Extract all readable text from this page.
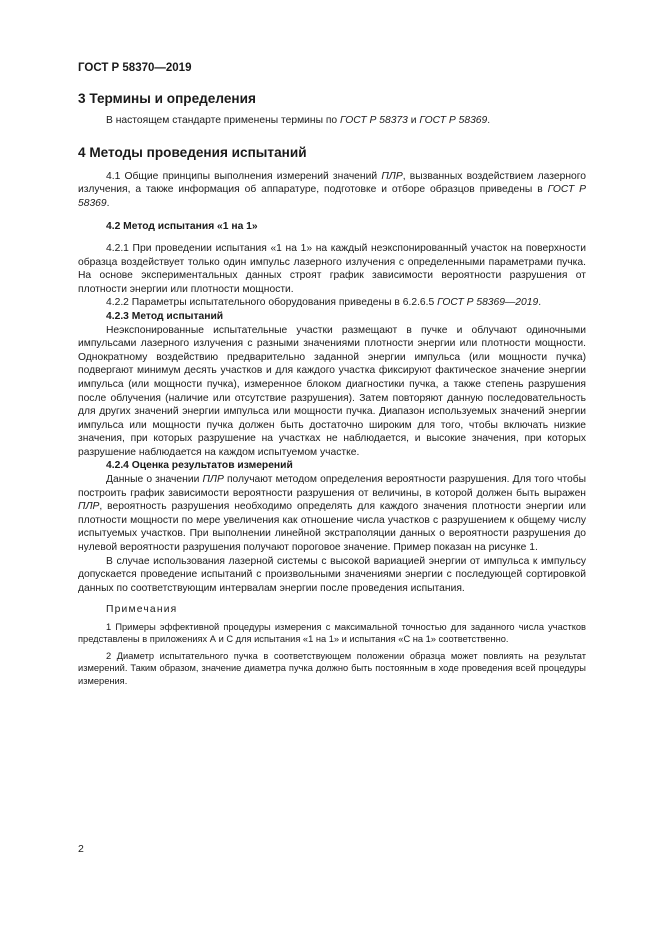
ГОСТ Р 58370—2019

3 Термины и определения

В настоящем стандарте применены термины по ГОСТ Р 58373 и ГОСТ Р 58369.

4 Методы проведения испытаний

4.1 Общие принципы выполнения измерений значений ПЛР, вызванных воздействием лазерного излучения, а также информация об аппаратуре, подготовке и отборе образцов приведены в ГОСТ Р 58369.

4.2 Метод испытания «1 на 1»

4.2.1 При проведении испытания «1 на 1» на каждый неэкспонированный участок на поверхности образца воздействует только один импульс лазерного излучения с определенными параметрами пучка. На основе экспериментальных данных строят график зависимости вероятности разрушения от плотности энергии или плотности мощности.

4.2.2 Параметры испытательного оборудования приведены в 6.2.6.5 ГОСТ Р 58369—2019.

4.2.3 Метод испытаний

Неэкспонированные испытательные участки размещают в пучке и облучают одиночными импульсами лазерного излучения с разными значениями плотности энергии или плотности мощности. Однократному воздействию предварительно заданной энергии импульса (или мощности пучка) подвергают минимум десять участков и для каждого участка фиксируют фактическое значение энергии импульса (или мощности пучка), измеренное блоком диагностики пучка, а также степень разрушения после облучения (наличие или отсутствие разрушения). Затем повторяют данную последовательность для других значений энергии импульса или мощности пучка. Диапазон используемых значений энергии импульса или мощности пучка должен быть достаточно широким для того, чтобы включать низкие значения, при которых разрушение на участках не наблюдается, и высокие значения, при которых разрушение наблюдается на каждом испытуемом участке.

4.2.4 Оценка результатов измерений

Данные о значении ПЛР получают методом определения вероятности разрушения. Для того чтобы построить график зависимости вероятности разрушения от величины, в которой должен быть выражен ПЛР, вероятность разрушения необходимо определять для каждого значения плотности энергии или плотности мощности по мере увеличения как отношение числа участков с разрушением к общему числу испытуемых участков. При выполнении линейной экстраполяции данных о вероятности разрушения до нулевой вероятности разрушения получают пороговое значение. Пример показан на рисунке 1.

В случае использования лазерной системы с высокой вариацией энергии от импульса к импульсу допускается проведение испытаний с произвольными значениями энергии с последующей сортировкой данных по соответствующим интервалам энергии после проведения испытания.

Примечания

1 Примеры эффективной процедуры измерения с максимальной точностью для заданного числа участков представлены в приложениях А и С для испытания «1 на 1» и испытания «С на 1» соответственно.

2 Диаметр испытательного пучка в соответствующем положении образца может повлиять на результат измерений. Таким образом, значение диаметра пучка должно быть постоянным в ходе проведения всей процедуры измерения.

2
